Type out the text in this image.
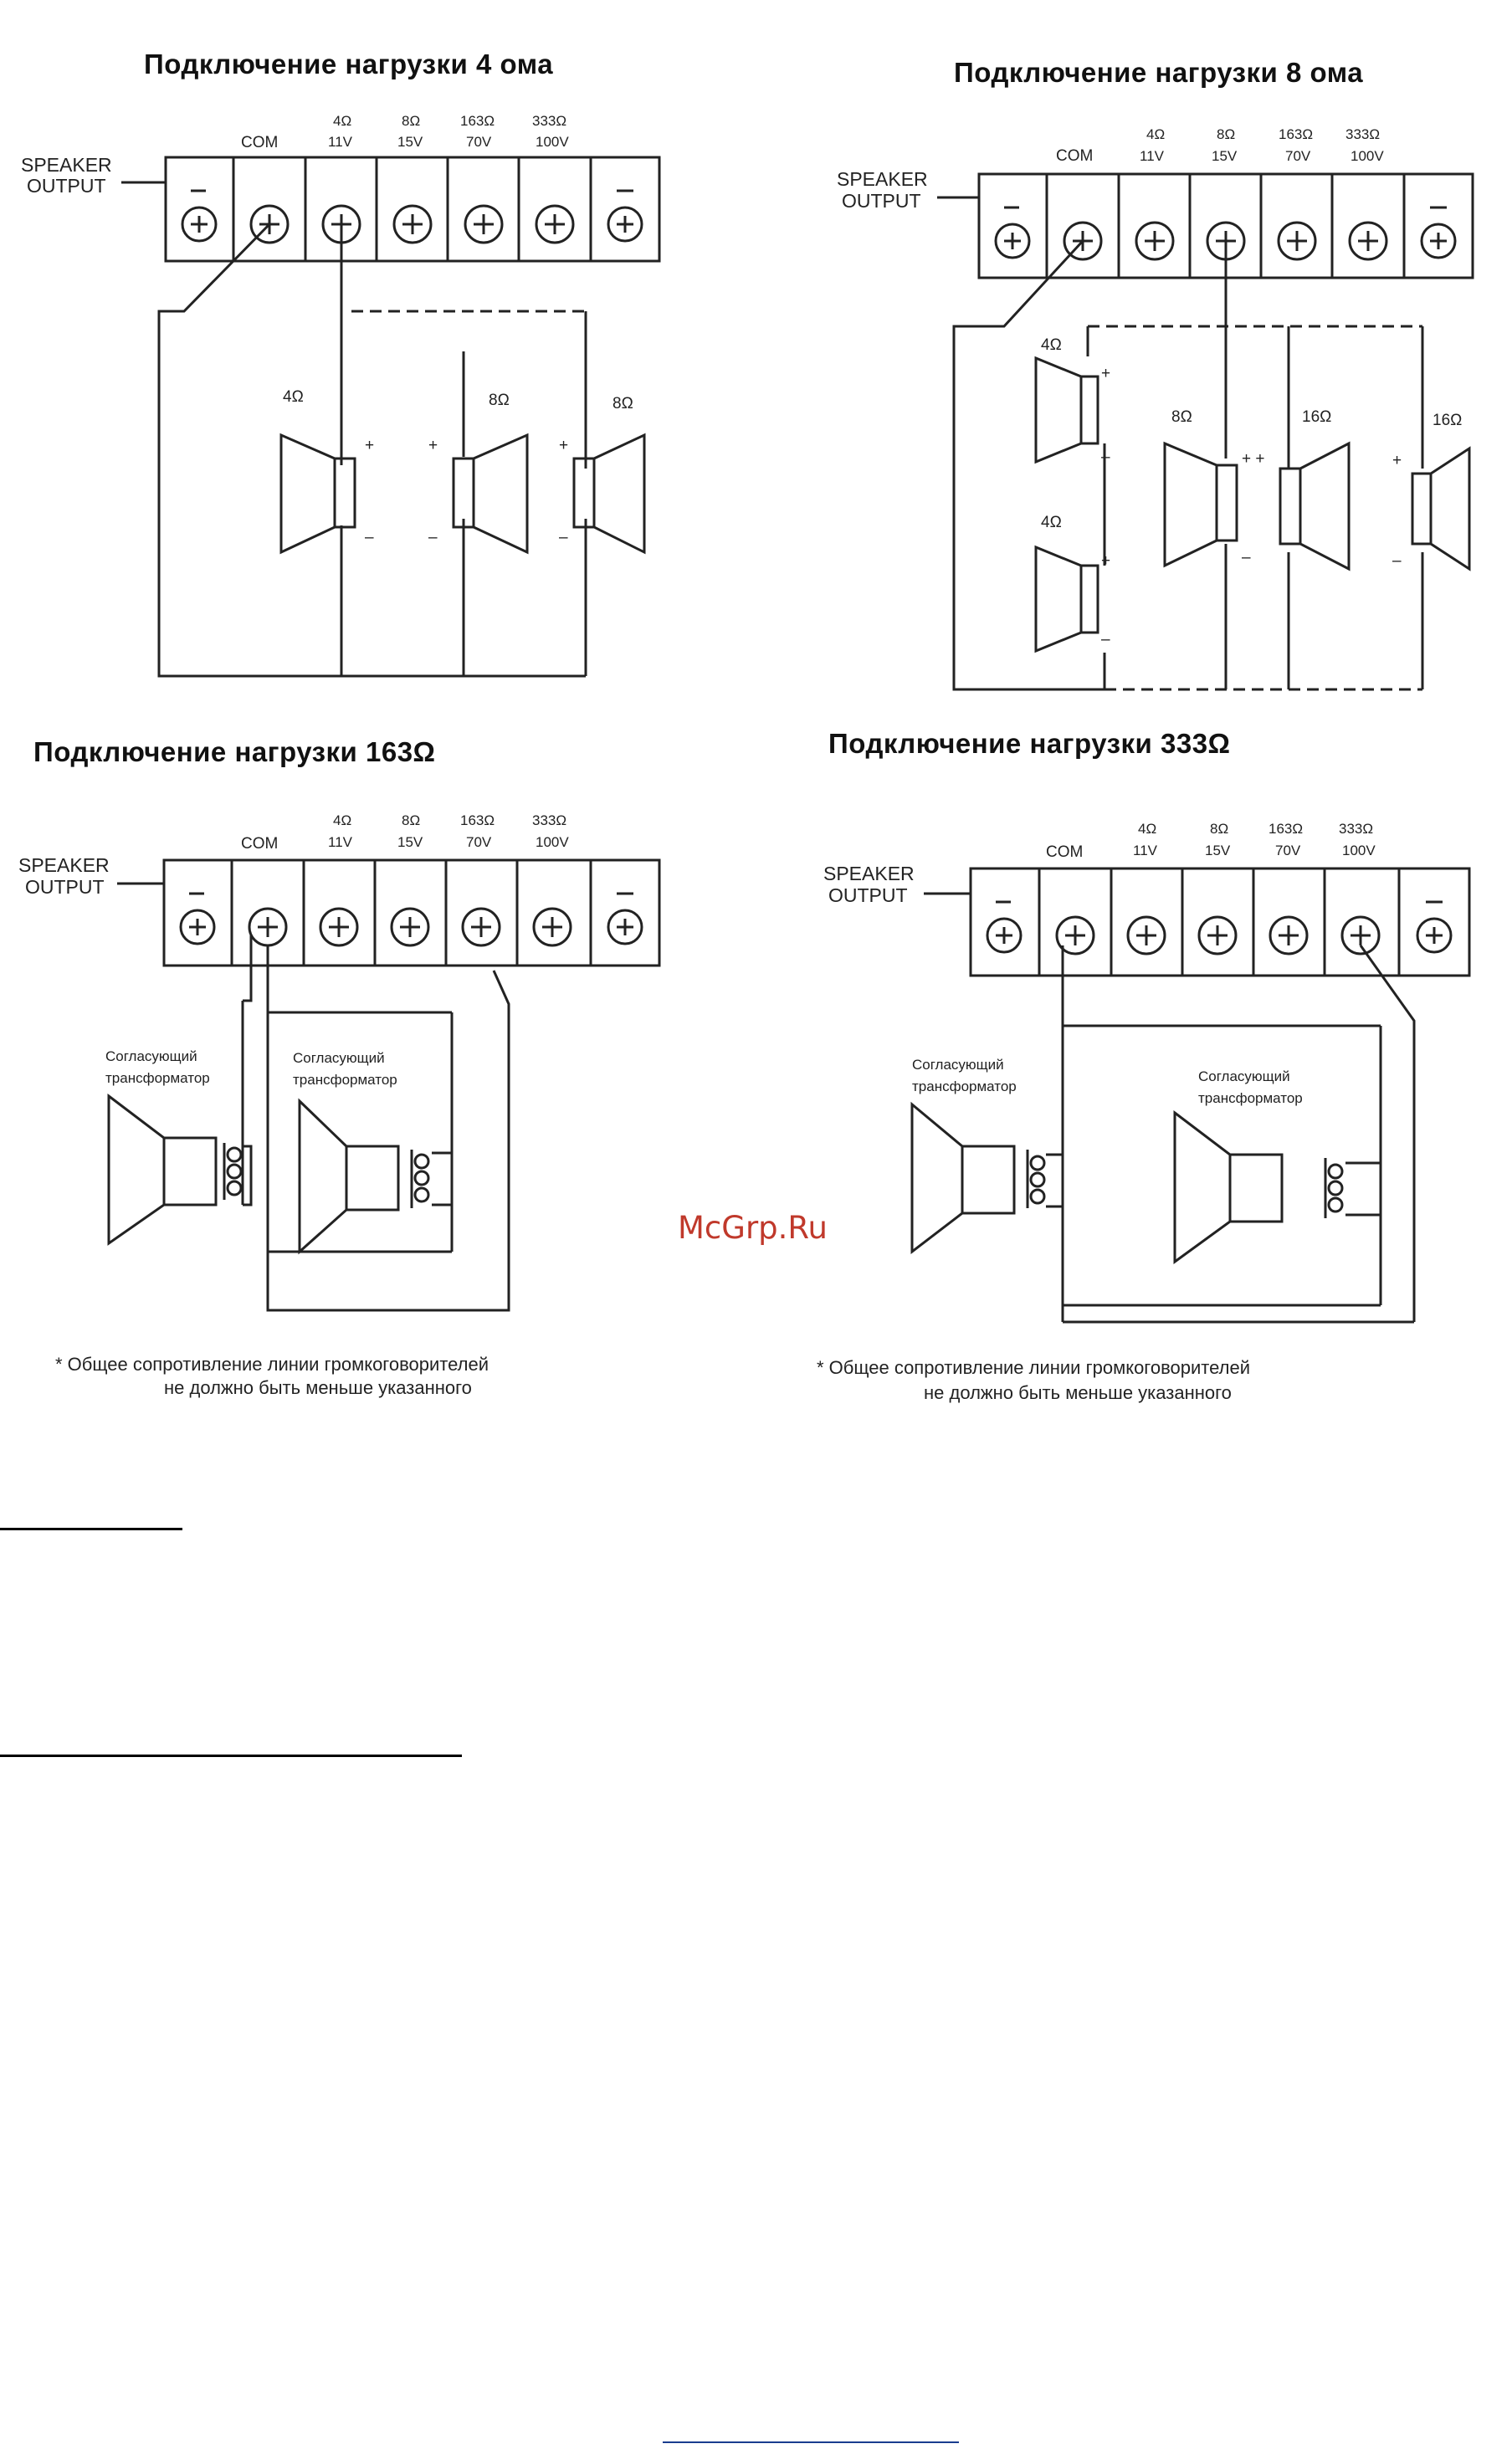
Подключение нагрузки 4 ома	Подключение нагрузки 8 ома
Подключение нагрузки 163Ω	Подключение нагрузки 333Ω
SPEAKER
OUTPUT
COM
4Ω
11V
8Ω
15V
163Ω
70V
333Ω
100V
4Ω	8Ω	8Ω
+
–
+
–
+
–
SPEAKER
OUTPUT
COM
4Ω
11V
8Ω
15V
163Ω
70V
333Ω
100V
4Ω
4Ω
8Ω	16Ω	16Ω
+
–
+
–
+ +
–
+
–
SPEAKER
OUTPUT
COM
4Ω
11V
8Ω
15V
163Ω
70V
333Ω
100V
Согласующий
трансформатор
Согласующий
трансформатор
* Общее сопротивление линии громкоговорителей
не должно быть меньше указанного
SPEAKER
OUTPUT
COM
4Ω
11V
8Ω
15V
163Ω
70V
333Ω
100V
Согласующий
трансформатор
Согласующий
трансформатор
* Общее сопротивление линии громкоговорителей
не должно быть меньше указанного
McGrp.Ru
